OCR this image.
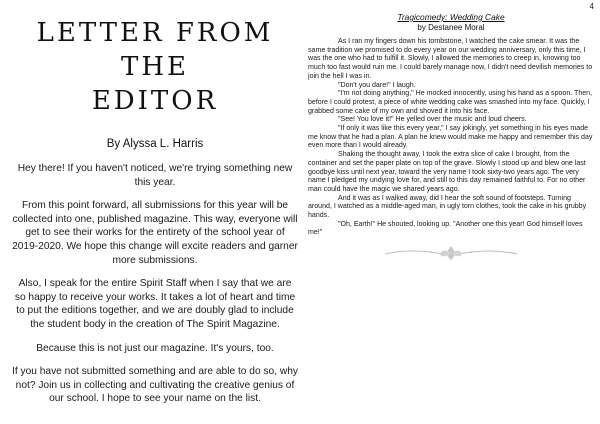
4
LETTER FROM THE
EDITOR
By Alyssa L. Harris

Hey there! If you haven't noticed, we're trying something new this year.

From this point forward, all submissions for this year will be collected into one, published magazine. This way, everyone will get to see their works for the entirety of the school year of 2019-2020. We hope this change will excite readers and garner more submissions.

Also, I speak for the entire Spirit Staff when I say that we are so happy to receive your works. It takes a lot of heart and time to put the editions together, and we are doubly glad to include the student body in the creation of The Spirit Magazine.

Because this is not just our magazine. It's yours, too.

If you have not submitted something and are able to do so, why not? Join us in collecting and cultivating the creative genius of our school. I hope to see your name on the list.

Tragicomedy: Wedding Cake
by Destanee Moral

As I ran my fingers down his tombstone, I watched the cake smear. It was the same tradition we promised to do every year on our wedding anniversary, only this time, I was the one who had to fulfill it. Slowly, I allowed the memories to creep in, knowing too much too fast would ruin me. I could barely manage now, I didn't need devilish memories to join the hell I was in.

"Don't you dare!" I laugh.

"I'm not doing anything," He mocked innocently, using his hand as a spoon. Then, before I could protest, a piece of white wedding cake was smashed into my face. Quickly, I grabbed some cake of my own and shoved it into his face.

"See! You love it!" He yelled over the music and loud cheers.

"If only it was like this every year," I say jokingly, yet something in his eyes made me know that he had a plan. A plan he knew would make me happy and remember this day even more than I would already.

Shaking the thought away, I took the extra slice of cake I brought, from the container and set the paper plate on top of the grave. Slowly I stood up and blew one last goodbye kiss until next year, toward the very name I took sixty-two years ago. The very name I pledged my undying love for, and still to this day remained faithful to. For no other man could have the magic we shared years ago.

And it was as I walked away, did I hear the soft sound of footsteps. Turning around, I watched as a middle-aged man, in ugly torn clothes, took the cake in his grubby hands.

"Oh, Earth!" He shouted, looking up. "Another one this year! God himself loves me!"
